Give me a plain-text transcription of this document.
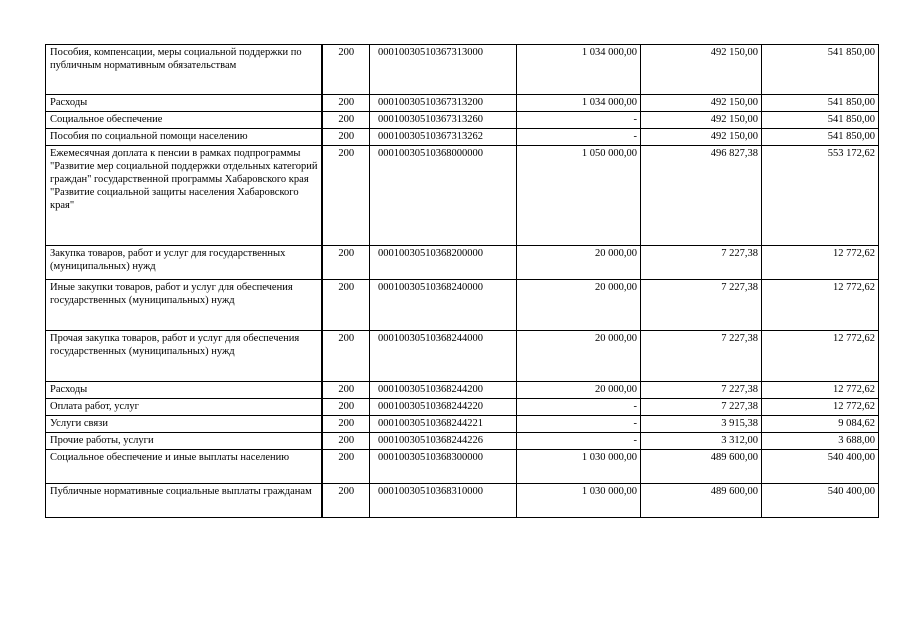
Пособия, компенсации, меры социальной поддержки по публичным нормативным обязательствам	200	00010030510367313000	1 034 000,00	492 150,00	541 850,00
Расходы	200	00010030510367313200	1 034 000,00	492 150,00	541 850,00
Социальное обеспечение	200	00010030510367313260	-	492 150,00	541 850,00
Пособия по социальной помощи населению	200	00010030510367313262	-	492 150,00	541 850,00
Ежемесячная доплата к пенсии в рамках подпрограммы "Развитие мер социальной поддержки отдельных категорий граждан" государственной программы Хабаровского края "Развитие социальной защиты населения Хабаровского края"	200	00010030510368000000	1 050 000,00	496 827,38	553 172,62
Закупка товаров, работ и услуг для государственных (муниципальных) нужд	200	00010030510368200000	20 000,00	7 227,38	12 772,62
Иные закупки товаров, работ и услуг для обеспечения государственных (муниципальных) нужд	200	00010030510368240000	20 000,00	7 227,38	12 772,62
Прочая закупка товаров, работ и услуг для обеспечения государственных (муниципальных) нужд	200	00010030510368244000	20 000,00	7 227,38	12 772,62
Расходы	200	00010030510368244200	20 000,00	7 227,38	12 772,62
Оплата работ, услуг	200	00010030510368244220	-	7 227,38	12 772,62
Услуги связи	200	00010030510368244221	-	3 915,38	9 084,62
Прочие работы, услуги	200	00010030510368244226	-	3 312,00	3 688,00
Социальное обеспечение и иные выплаты населению	200	00010030510368300000	1 030 000,00	489 600,00	540 400,00
Публичные нормативные социальные выплаты гражданам	200	00010030510368310000	1 030 000,00	489 600,00	540 400,00
